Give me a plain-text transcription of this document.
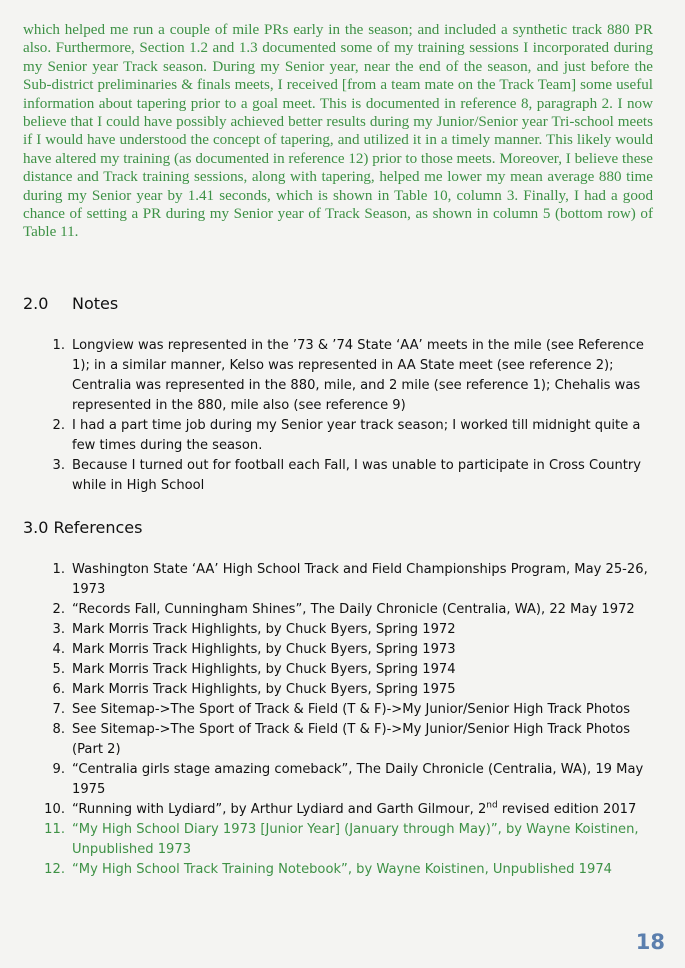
which helped me run a couple of mile PRs early in the season; and included a synthetic track 880 PR also. Furthermore, Section 1.2 and 1.3 documented some of my training sessions I incorporated during my Senior year Track season. During my Senior year, near the end of the season, and just before the Sub-district preliminaries & finals meets, I received [from a team mate on the Track Team] some useful information about tapering prior to a goal meet. This is documented in reference 8, paragraph 2. I now believe that I could have possibly achieved better results during my Junior/Senior year Tri-school meets if I would have understood the concept of tapering, and utilized it in a timely manner. This likely would have altered my training (as documented in reference 12) prior to those meets. Moreover, I believe these distance and Track training sessions, along with tapering, helped me lower my mean average 880 time during my Senior year by 1.41 seconds, which is shown in Table 10, column 3. Finally, I had a good chance of setting a PR during my Senior year of Track Season, as shown in column 5 (bottom row) of Table 11.

2.0 Notes
1. Longview was represented in the ’73 & ’74 State ‘AA’ meets in the mile (see Reference 1); in a similar manner, Kelso was represented in AA State meet (see reference 2); Centralia was represented in the 880, mile, and 2 mile (see reference 1); Chehalis was represented in the 880, mile also (see reference 9)
2. I had a part time job during my Senior year track season; I worked till midnight quite a few times during the season.
3. Because I turned out for football each Fall, I was unable to participate in Cross Country while in High School
3.0 References
1. Washington State ‘AA’ High School Track and Field Championships Program, May 25-26, 1973
2. “Records Fall, Cunningham Shines”, The Daily Chronicle (Centralia, WA), 22 May 1972
3. Mark Morris Track Highlights, by Chuck Byers, Spring 1972
4. Mark Morris Track Highlights, by Chuck Byers, Spring 1973
5. Mark Morris Track Highlights, by Chuck Byers, Spring 1974
6. Mark Morris Track Highlights, by Chuck Byers, Spring 1975
7. See Sitemap->The Sport of Track & Field (T & F)->My Junior/Senior High Track Photos
8. See Sitemap->The Sport of Track & Field (T & F)->My Junior/Senior High Track Photos (Part 2)
9. “Centralia girls stage amazing comeback”, The Daily Chronicle (Centralia, WA), 19 May 1975
10. “Running with Lydiard”, by Arthur Lydiard and Garth Gilmour, 2nd revised edition 2017
11. “My High School Diary 1973 [Junior Year] (January through May)”, by Wayne Koistinen, Unpublished 1973
12. “My High School Track Training Notebook”, by Wayne Koistinen, Unpublished 1974
18
